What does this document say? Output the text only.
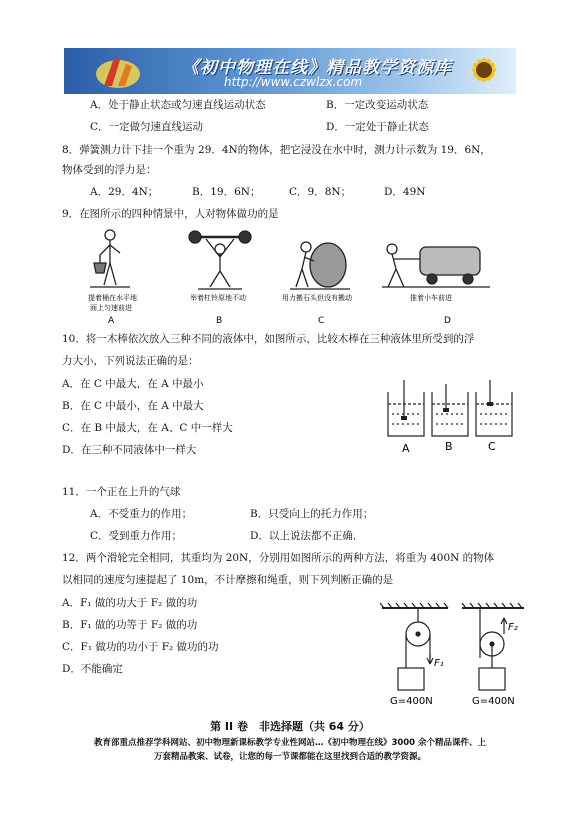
《初中物理在线》精品教学资源库
http://www.czwlzx.com
A．处于静止状态或匀速直线运动状态	B．一定改变运动状态
C．一定做匀速直线运动	D．一定处于静止状态
8．弹簧测力计下挂一个重为 29．4N的物体，把它浸没在水中时，测力计示数为 19．6N，
物体受到的浮力是：
A．29．4N；	B．19．6N；	C．9．8N；	D．49N
9．在图所示的四种情景中，人对物体做功的是
提着桶在水平地
面上匀速前进
举着杠铃原地不动	用力搬石头但没有搬动	推着小车前进
A	B	C	D
10．将一木棒依次放入三种不同的液体中，如图所示，比较木棒在三种液体里所受到的浮
力大小，下列说法正确的是：
A．在 C 中最大，在 A 中最小
B．在 C 中最小，在 A 中最大
C．在 B 中最大，在 A、C 中一样大
D．在三种不同液体中一样大	A	B	C
11．一个正在上升的气球
A．不受重力的作用；	B．只受向上的托力作用；
C．受到重力作用；	D．以上说法都不正确．
12．两个滑轮完全相同，其重均为 20N，分别用如图所示的两种方法，将重为 400N 的物体
以相同的速度匀速提起了 10m，不计摩擦和绳重，则下列判断正确的是
A．F₁ 做的功大于 F₂ 做的功
B．F₁ 做的功等于 F₂ 做的功
C．F₁ 做功的功小于 F₂ 做功的功
D．不能确定	F₁
F₂
G=400N	G=400N
第 II 卷　非选择题（共 64 分）
教育部重点推荐学科网站、初中物理新课标教学专业性网站…《初中物理在线》3000 余个精品课件、上
万套精品教案、试卷，让您的每一节课都能在这里找到合适的教学资源。
